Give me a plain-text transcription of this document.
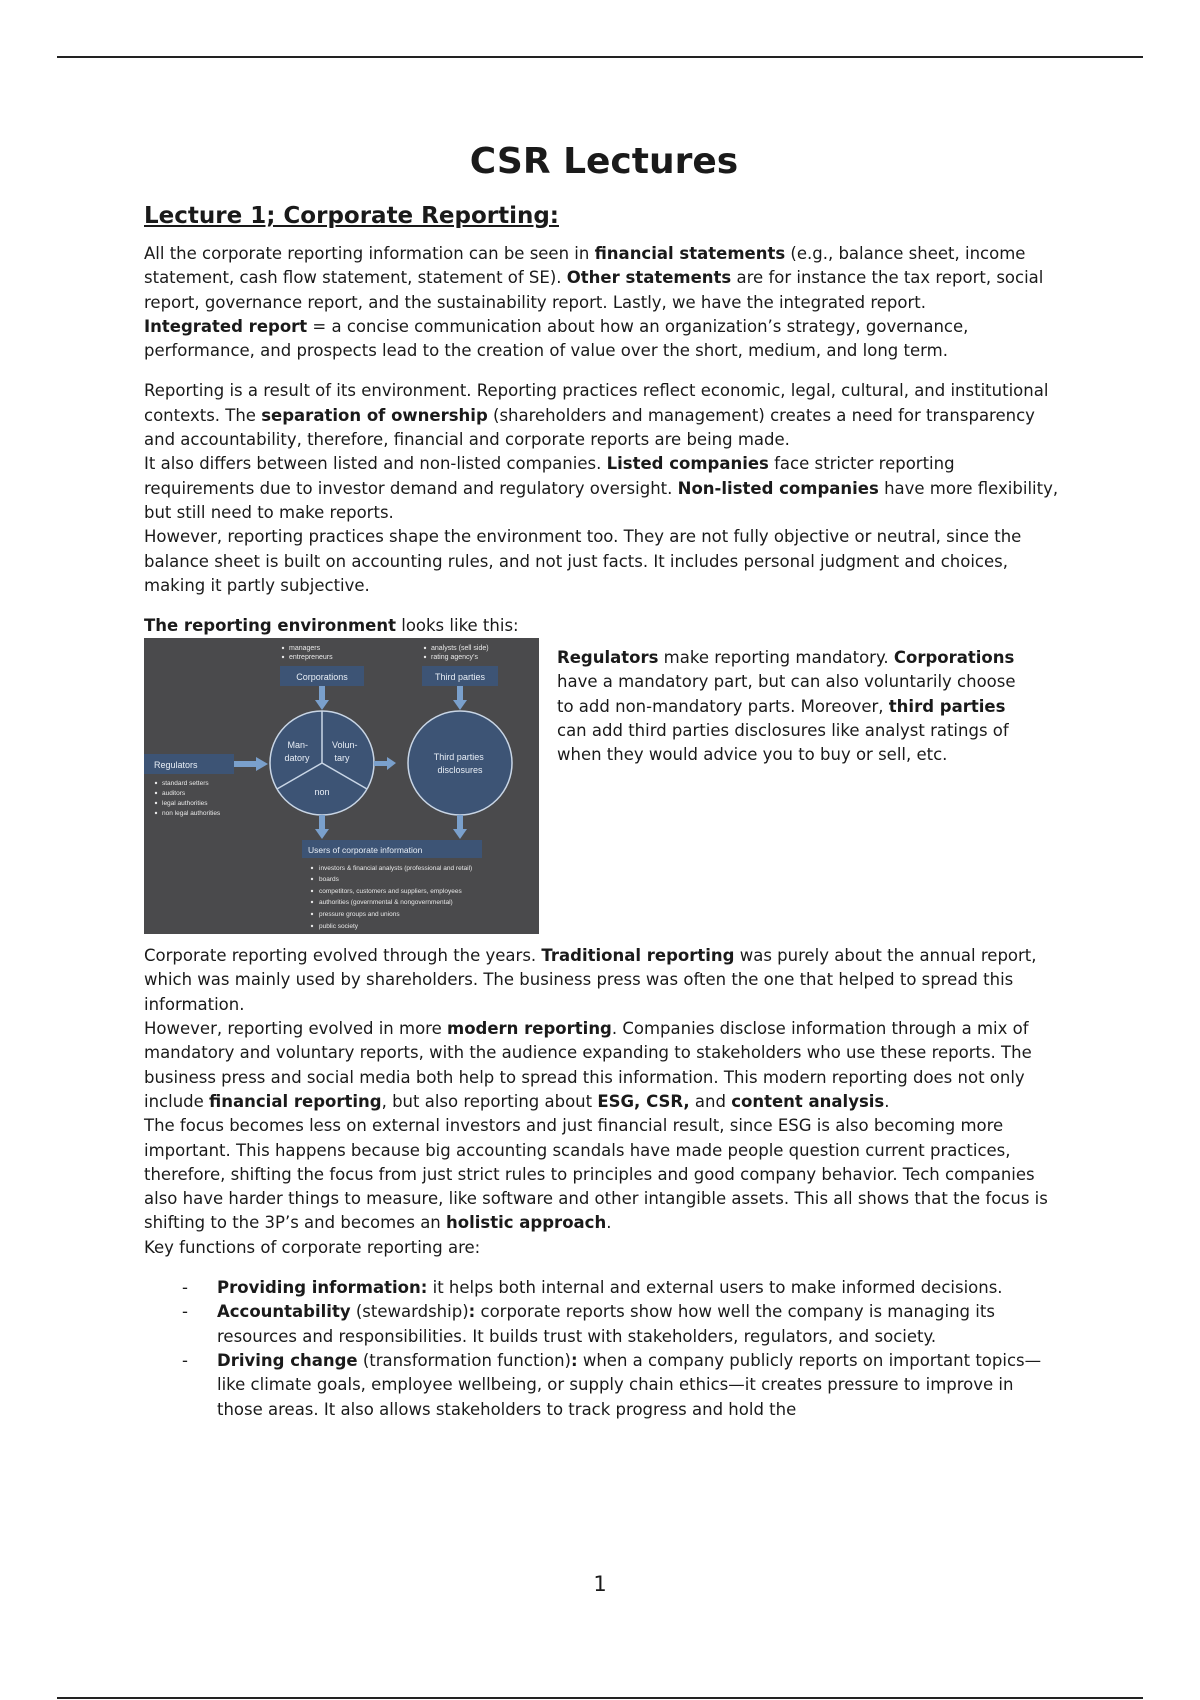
CSR Lectures
Lecture 1; Corporate Reporting:

All the corporate reporting information can be seen in financial statements (e.g., balance sheet, income statement, cash flow statement, statement of SE). Other statements are for instance the tax report, social report, governance report, and the sustainability report. Lastly, we have the integrated report.

Integrated report = a concise communication about how an organization’s strategy, governance, performance, and prospects lead to the creation of value over the short, medium, and long term.

Reporting is a result of its environment. Reporting practices reflect economic, legal, cultural, and institutional contexts. The separation of ownership (shareholders and management) creates a need for transparency and accountability, therefore, financial and corporate reports are being made.

It also differs between listed and non-listed companies. Listed companies face stricter reporting requirements due to investor demand and regulatory oversight. Non-listed companies have more flexibility, but still need to make reports.

However, reporting practices shape the environment too. They are not fully objective or neutral, since the balance sheet is built on accounting rules, and not just facts. It includes personal judgment and choices, making it partly subjective.

The reporting environment looks like this:

managers entrepreneurs
analysts (sell side) rating agency’s
Corporations	Third parties
Regulators
standard setters auditors legal authorities non legal authorities
Man- datory
Volun- tary
non
Third parties disclosures
Users of corporate information
investors & financial analysts (professional and retail) boards competitors, customers and suppliers, employees authorities (governmental & nongovernmental) pressure groups and unions public society

Regulators make reporting mandatory. Corporations have a mandatory part, but can also voluntarily choose to add non-mandatory parts. Moreover, third parties can add third parties disclosures like analyst ratings of when they would advice you to buy or sell, etc.

Corporate reporting evolved through the years. Traditional reporting was purely about the annual report, which was mainly used by shareholders. The business press was often the one that helped to spread this information.

However, reporting evolved in more modern reporting. Companies disclose information through a mix of mandatory and voluntary reports, with the audience expanding to stakeholders who use these reports. The business press and social media both help to spread this information. This modern reporting does not only include financial reporting, but also reporting about ESG, CSR, and content analysis.

The focus becomes less on external investors and just financial result, since ESG is also becoming more important. This happens because big accounting scandals have made people question current practices, therefore, shifting the focus from just strict rules to principles and good company behavior. Tech companies also have harder things to measure, like software and other intangible assets. This all shows that the focus is shifting to the 3P’s and becomes an holistic approach.

Key functions of corporate reporting are:

- Providing information: it helps both internal and external users to make informed decisions.
- Accountability (stewardship): corporate reports show how well the company is managing its resources and responsibilities. It builds trust with stakeholders, regulators, and society.
- Driving change (transformation function): when a company publicly reports on important topics—like climate goals, employee wellbeing, or supply chain ethics—it creates pressure to improve in those areas. It also allows stakeholders to track progress and hold the
1
